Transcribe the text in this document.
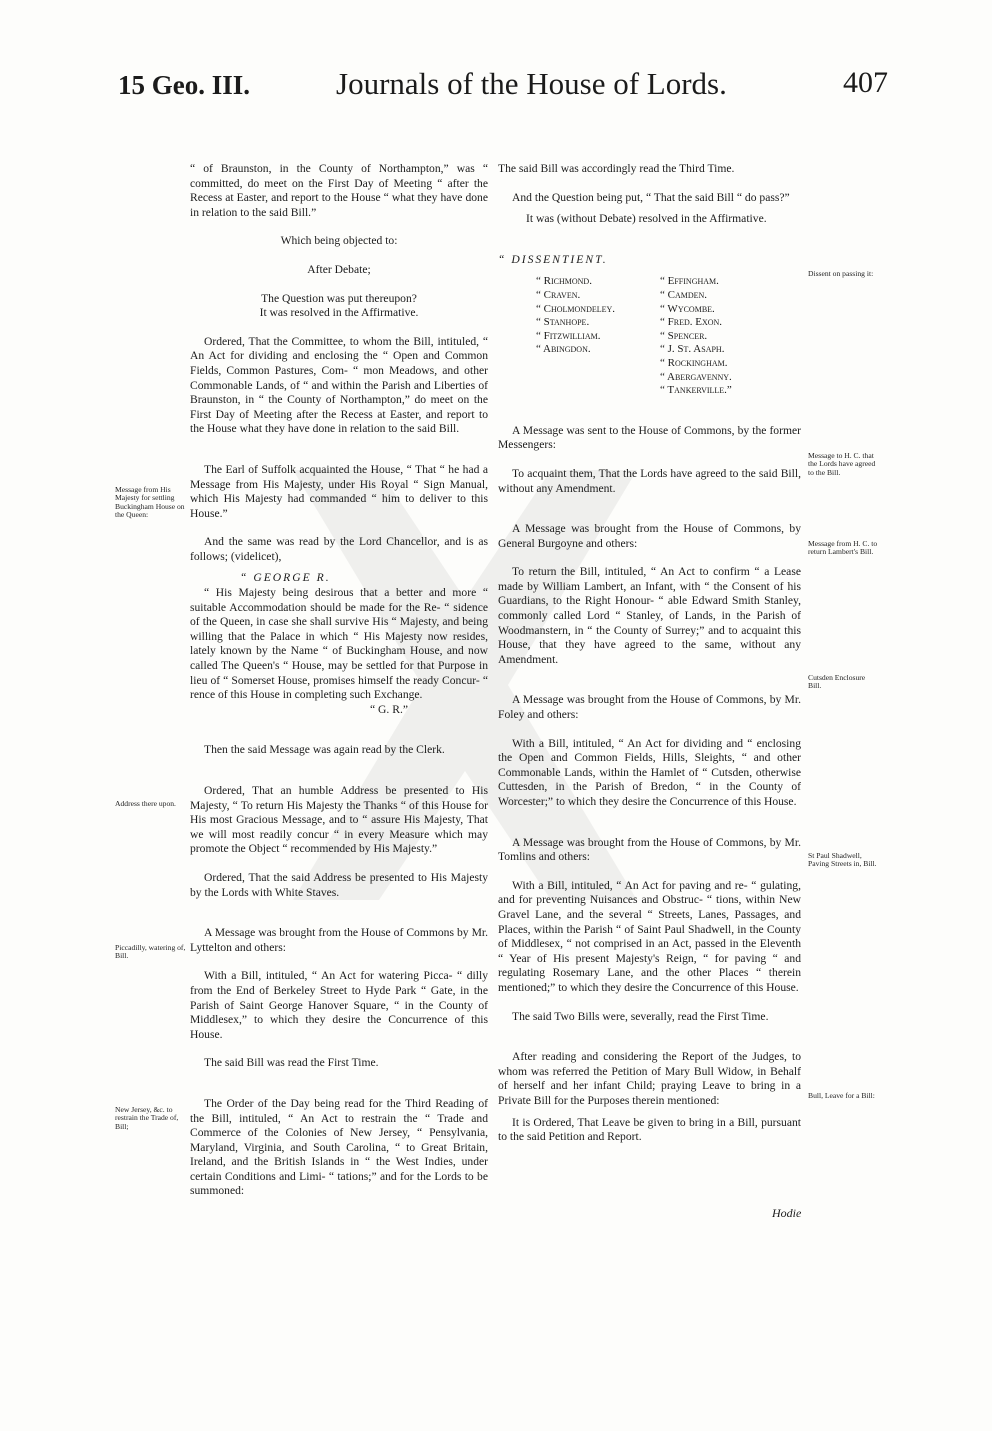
15 Geo. III.	Journals of the House of Lords.	407

“ of Braunston, in the County of Northampton,” was “ committed, do meet on the First Day of Meeting “ after the Recess at Easter, and report to the House “ what they have done in relation to the said Bill.”

Which being objected to:

After Debate;

The Question was put thereupon?

It was resolved in the Affirmative.

Ordered, That the Committee, to whom the Bill, intituled, “ An Act for dividing and enclosing the “ Open and Common Fields, Common Pastures, Com- “ mon Meadows, and other Commonable Lands, of “ and within the Parish and Liberties of Braunston, in “ the County of Northampton,” do meet on the First Day of Meeting after the Recess at Easter, and report to the House what they have done in relation to the said Bill.

The Earl of Suffolk acquainted the House, “ That “ he had a Message from His Majesty, under His Royal “ Sign Manual, which His Majesty had commanded “ him to deliver to this House.”

And the same was read by the Lord Chancellor, and is as follows; (videlicet),

“ GEORGE R.

“ His Majesty being desirous that a better and more “ suitable Accommodation should be made for the Re- “ sidence of the Queen, in case she shall survive His “ Majesty, and being willing that the Palace in which “ His Majesty now resides, lately known by the Name “ of Buckingham House, and now called The Queen's “ House, may be settled for that Purpose in lieu of “ Somerset House, promises himself the ready Concur- “ rence of this House in completing such Exchange.

“ G. R.”

Then the said Message was again read by the Clerk.

Ordered, That an humble Address be presented to His Majesty, “ To return His Majesty the Thanks “ of this House for His most Gracious Message, and to “ assure His Majesty, That we will most readily concur “ in every Measure which may promote the Object “ recommended by His Majesty.”

Ordered, That the said Address be presented to His Majesty by the Lords with White Staves.

A Message was brought from the House of Commons by Mr. Lyttelton and others:

With a Bill, intituled, “ An Act for watering Picca- “ dilly from the End of Berkeley Street to Hyde Park “ Gate, in the Parish of Saint George Hanover Square, “ in the County of Middlesex,” to which they desire the Concurrence of this House.

The said Bill was read the First Time.

The Order of the Day being read for the Third Reading of the Bill, intituled, “ An Act to restrain the “ Trade and Commerce of the Colonies of New Jersey, “ Pensylvania, Maryland, Virginia, and South Carolina, “ to Great Britain, Ireland, and the British Islands in “ the West Indies, under certain Conditions and Limi- “ tations;” and for the Lords to be summoned:

The said Bill was accordingly read the Third Time.

And the Question being put, “ That the said Bill “ do pass?”

It was (without Debate) resolved in the Affirmative.

“ DISSENTIENT.

“ Richmond.
“ Craven.
“ Cholmondeley.
“ Stanhope.
“ Fitzwilliam.
“ Abingdon.
“ Effingham.
“ Camden.
“ Wycombe.
“ Fred. Exon.
“ Spencer.
“ J. St. Asaph.
“ Rockingham.
“ Abergavenny.
“ Tankerville.”

A Message was sent to the House of Commons, by the former Messengers:

To acquaint them, That the Lords have agreed to the said Bill, without any Amendment.

A Message was brought from the House of Commons, by General Burgoyne and others:

To return the Bill, intituled, “ An Act to confirm “ a Lease made by William Lambert, an Infant, with “ the Consent of his Guardians, to the Right Honour- “ able Edward Smith Stanley, commonly called Lord “ Stanley, of Lands, in the Parish of Woodmanstern, in “ the County of Surrey;” and to acquaint this House, that they have agreed to the same, without any Amendment.

A Message was brought from the House of Commons, by Mr. Foley and others:

With a Bill, intituled, “ An Act for dividing and “ enclosing the Open and Common Fields, Hills, Sleights, “ and other Commonable Lands, within the Hamlet of “ Cutsden, otherwise Cuttesden, in the Parish of Bredon, “ in the County of Worcester;” to which they desire the Concurrence of this House.

A Message was brought from the House of Commons, by Mr. Tomlins and others:

With a Bill, intituled, “ An Act for paving and re- “ gulating, and for preventing Nuisances and Obstruc- “ tions, within New Gravel Lane, and the several “ Streets, Lanes, Passages, and Places, within the Parish “ of Saint Paul Shadwell, in the County of Middlesex, “ not comprised in an Act, passed in the Eleventh “ Year of His present Majesty's Reign, “ for paving “ and regulating Rosemary Lane, and the other Places “ therein mentioned;” to which they desire the Concurrence of this House.

The said Two Bills were, severally, read the First Time.

After reading and considering the Report of the Judges, to whom was referred the Petition of Mary Bull Widow, in Behalf of herself and her infant Child; praying Leave to bring in a Private Bill for the Purposes therein mentioned:

It is Ordered, That Leave be given to bring in a Bill, pursuant to the said Petition and Report.

Message from His Majesty for settling Buckingham House on the Queen:
Address there upon.
Piccadilly, watering of, Bill.
New Jersey, &c. to restrain the Trade of, Bill;
Dissent on passing it:
Message to H. C. that the Lords have agreed to the Bill.
Message from H. C. to return Lambert's Bill.
Cutsden Enclosure Bill.
St Paul Shadwell, Paving Streets in, Bill.
Bull, Leave for a Bill:
Hodie
